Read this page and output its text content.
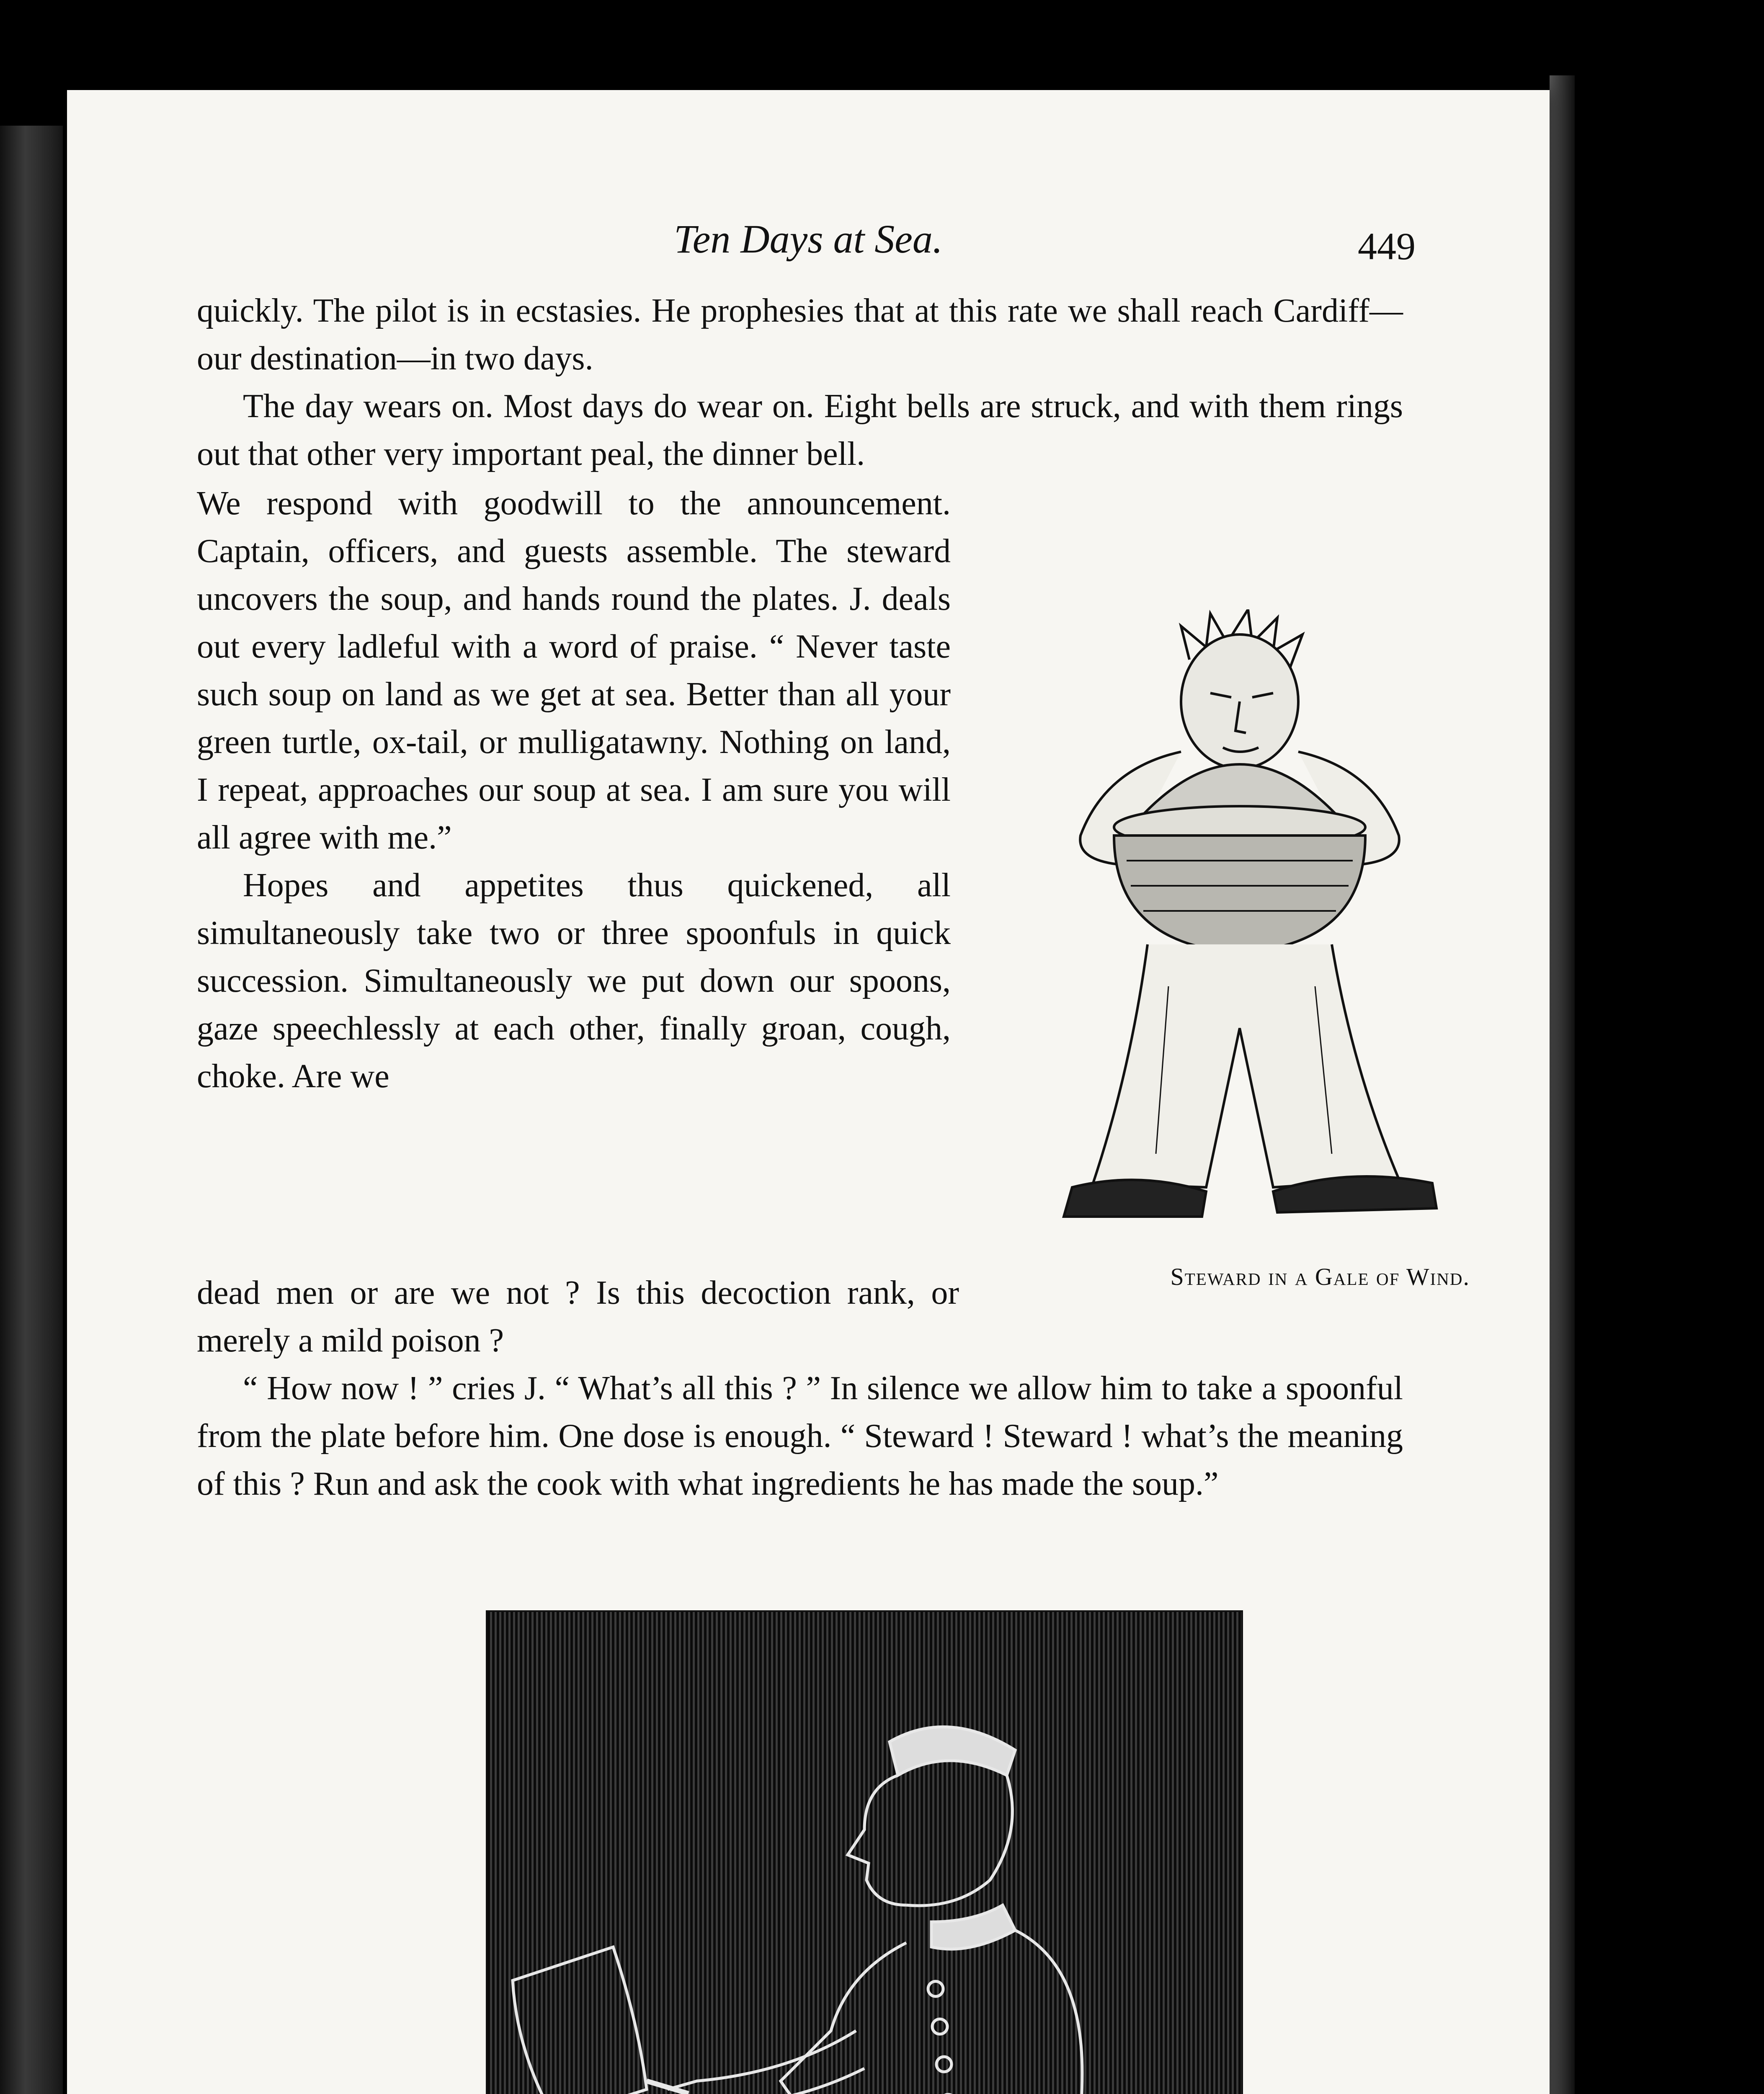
Ten Days at Sea.	449

quickly. The pilot is in ecstasies. He prophesies that at this rate we shall reach Cardiff—our destination—in two days.

The day wears on. Most days do wear on. Eight bells are struck, and with them rings out that other very important peal, the dinner bell.

We respond with goodwill to the announcement. Captain, officers, and guests assemble. The steward uncovers the soup, and hands round the plates. J. deals out every ladleful with a word of praise. “ Never taste such soup on land as we get at sea. Better than all your green turtle, ox-tail, or mulligatawny. Nothing on land, I repeat, approaches our soup at sea. I am sure you will all agree with me.”

Hopes and appetites thus quickened, all simultaneously take two or three spoonfuls in quick succession. Simultaneously we put down our spoons, gaze speechlessly at each other, finally groan, cough, choke. Are we

Steward in a Gale of Wind.

dead men or are we not ? Is this decoction rank, or merely a mild poison ?

“ How now ! ” cries J. “ What’s all this ? ” In silence we allow him to take a spoonful from the plate before him. One dose is enough. “ Steward ! Steward ! what’s the meaning of this ? Run and ask the cook with what ingredients he has made the soup.”
